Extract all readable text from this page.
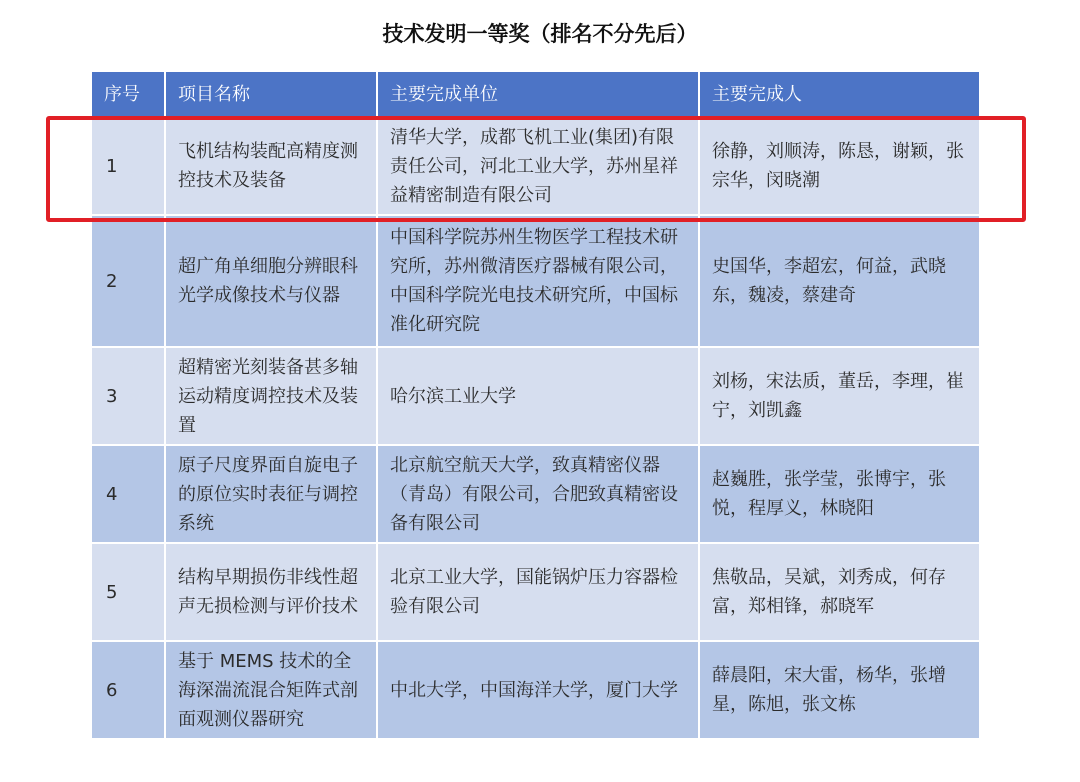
技术发明一等奖（排名不分先后）
序号	项目名称	主要完成单位	主要完成人
1	飞机结构装配高精度测控技术及装备	清华大学，成都飞机工业(集团)有限责任公司，河北工业大学，苏州星祥益精密制造有限公司	徐静，刘顺涛，陈恳，谢颖，张宗华，闵晓潮
2	超广角单细胞分辨眼科光学成像技术与仪器	中国科学院苏州生物医学工程技术研究所，苏州微清医疗器械有限公司，中国科学院光电技术研究所，中国标准化研究院	史国华，李超宏，何益，武晓东，魏凌，蔡建奇
3	超精密光刻装备甚多轴运动精度调控技术及装置	哈尔滨工业大学	刘杨，宋法质，董岳，李理，崔宁，刘凯鑫
4	原子尺度界面自旋电子的原位实时表征与调控系统	北京航空航天大学，致真精密仪器（青岛）有限公司，合肥致真精密设备有限公司	赵巍胜，张学莹，张博宇，张悦，程厚义，林晓阳
5	结构早期损伤非线性超声无损检测与评价技术	北京工业大学，国能锅炉压力容器检验有限公司	焦敬品，吴斌，刘秀成，何存富，郑相锋，郝晓军
6	基于 MEMS 技术的全海深湍流混合矩阵式剖面观测仪器研究	中北大学，中国海洋大学，厦门大学	薛晨阳，宋大雷，杨华，张增星，陈旭，张文栋
